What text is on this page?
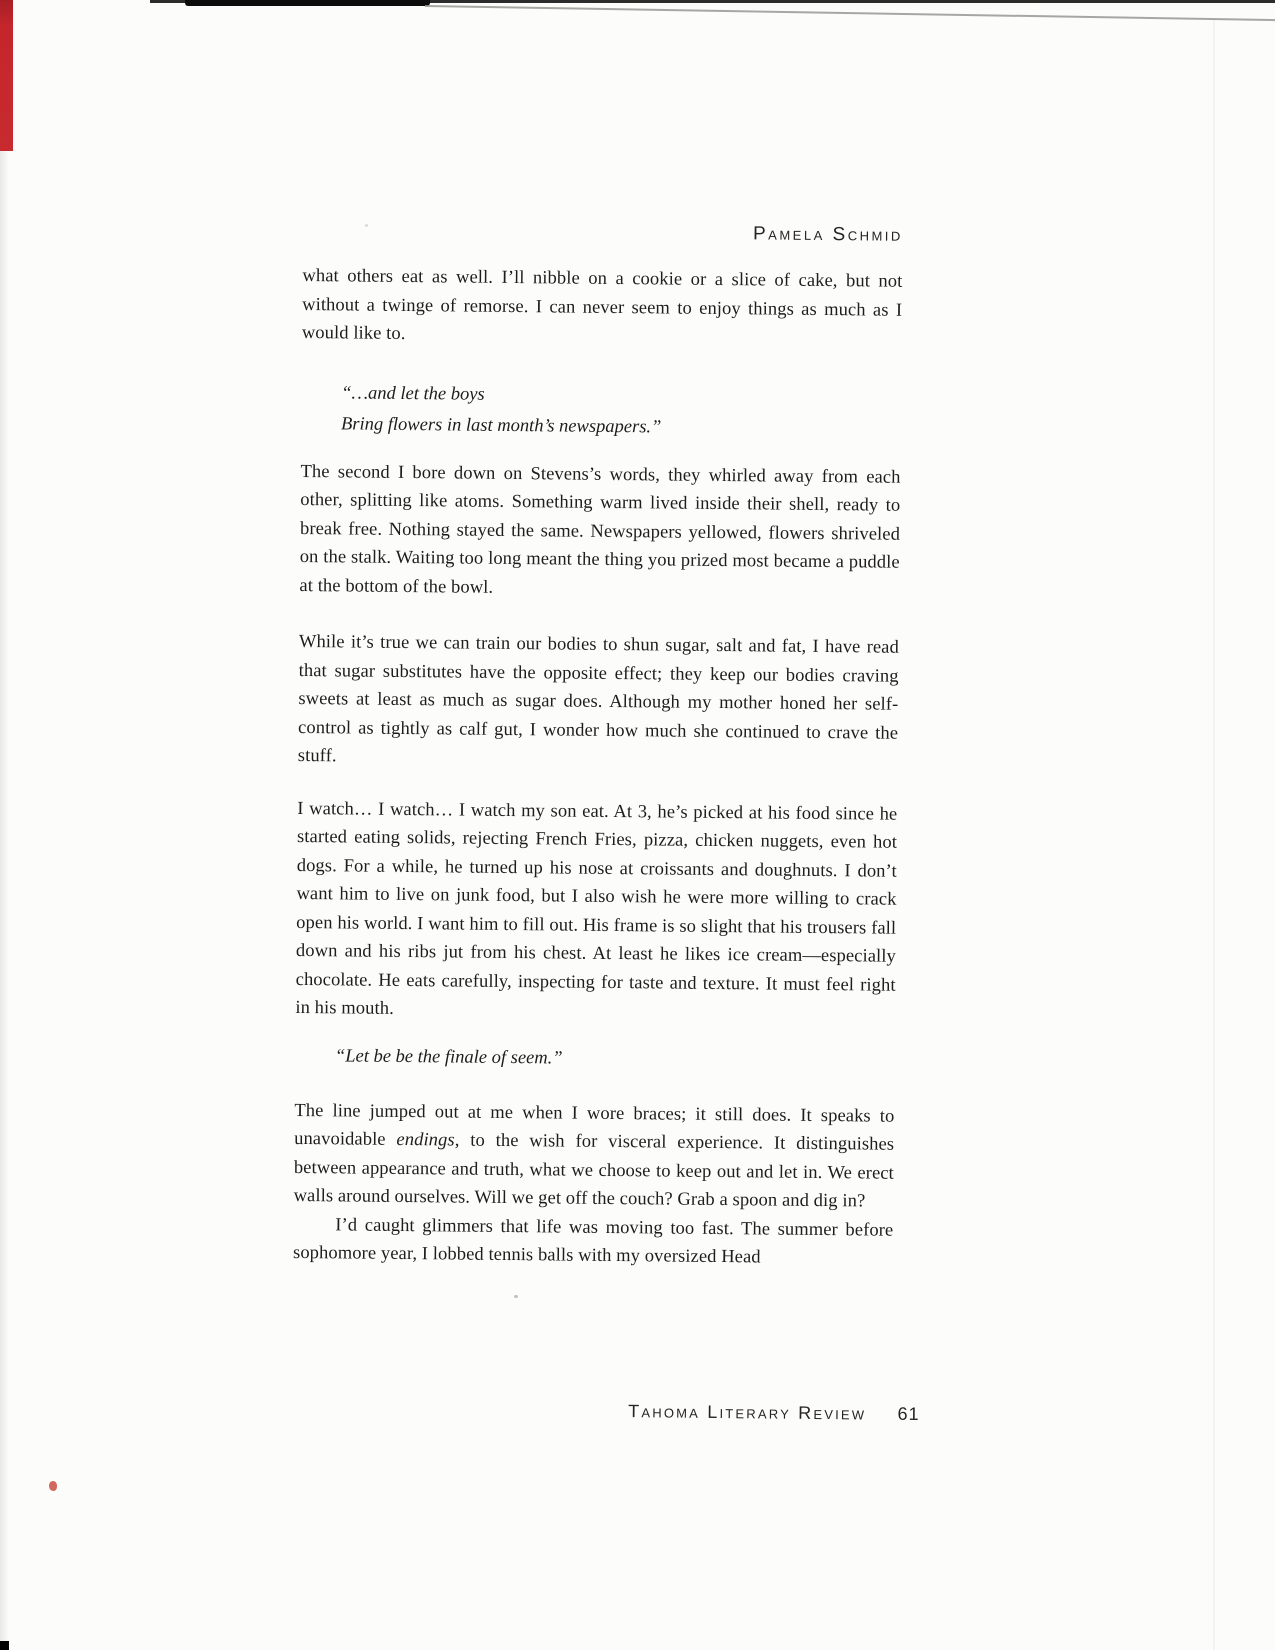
Pamela Schmid

what others eat as well. I’ll nibble on a cookie or a slice of cake, but not without a twinge of remorse. I can never seem to enjoy things as much as I would like to.

“…and let the boys
Bring flowers in last month’s newspapers.”

The second I bore down on Stevens’s words, they whirled away from each other, splitting like atoms. Something warm lived inside their shell, ready to break free. Nothing stayed the same. Newspapers yellowed, flowers shriveled on the stalk. Waiting too long meant the thing you prized most became a puddle at the bottom of the bowl.

While it’s true we can train our bodies to shun sugar, salt and fat, I have read that sugar substitutes have the opposite effect; they keep our bodies craving sweets at least as much as sugar does. Although my mother honed her self-control as tightly as calf gut, I wonder how much she continued to crave the stuff.

I watch… I watch… I watch my son eat. At 3, he’s picked at his food since he started eating solids, rejecting French Fries, pizza, chicken nuggets, even hot dogs. For a while, he turned up his nose at croissants and doughnuts. I don’t want him to live on junk food, but I also wish he were more willing to crack open his world. I want him to fill out. His frame is so slight that his trousers fall down and his ribs jut from his chest. At least he likes ice cream—especially chocolate. He eats carefully, inspecting for taste and texture. It must feel right in his mouth.

“Let be be the finale of seem.”

The line jumped out at me when I wore braces; it still does. It speaks to unavoidable endings, to the wish for visceral experience. It distinguishes between appearance and truth, what we choose to keep out and let in. We erect walls around ourselves. Will we get off the couch? Grab a spoon and dig in?

I’d caught glimmers that life was moving too fast. The summer before sophomore year, I lobbed tennis balls with my oversized Head

Tahoma Literary Review 61
